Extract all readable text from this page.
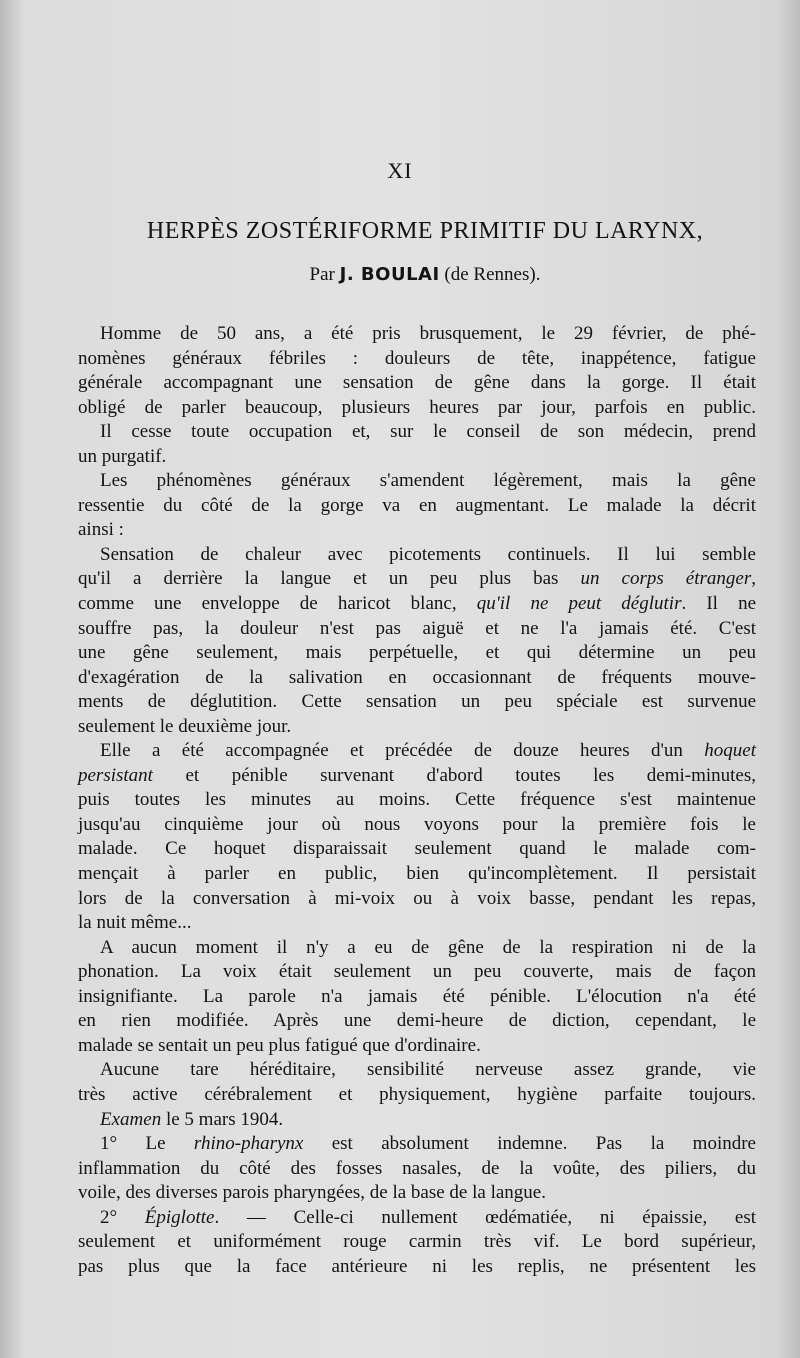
XI
HERPÈS ZOSTÉRIFORME PRIMITIF DU LARYNX,
Par J. BOULAI (de Rennes).
Homme de 50 ans, a été pris brusquement, le 29 février, de phé-
nomènes généraux fébriles : douleurs de tête, inappétence, fatigue
générale accompagnant une sensation de gêne dans la gorge. Il était
obligé de parler beaucoup, plusieurs heures par jour, parfois en public.
Il cesse toute occupation et, sur le conseil de son médecin, prend
un purgatif.
Les phénomènes généraux s'amendent légèrement, mais la gêne
ressentie du côté de la gorge va en augmentant. Le malade la décrit
ainsi :
Sensation de chaleur avec picotements continuels. Il lui semble
qu'il a derrière la langue et un peu plus bas un corps étranger,
comme une enveloppe de haricot blanc, qu'il ne peut déglutir. Il ne
souffre pas, la douleur n'est pas aiguë et ne l'a jamais été. C'est
une gêne seulement, mais perpétuelle, et qui détermine un peu
d'exagération de la salivation en occasionnant de fréquents mouve-
ments de déglutition. Cette sensation un peu spéciale est survenue
seulement le deuxième jour.
Elle a été accompagnée et précédée de douze heures d'un hoquet
persistant et pénible survenant d'abord toutes les demi-minutes,
puis toutes les minutes au moins. Cette fréquence s'est maintenue
jusqu'au cinquième jour où nous voyons pour la première fois le
malade. Ce hoquet disparaissait seulement quand le malade com-
mençait à parler en public, bien qu'incomplètement. Il persistait
lors de la conversation à mi-voix ou à voix basse, pendant les repas,
la nuit même...
A aucun moment il n'y a eu de gêne de la respiration ni de la
phonation. La voix était seulement un peu couverte, mais de façon
insignifiante. La parole n'a jamais été pénible. L'élocution n'a été
en rien modifiée. Après une demi-heure de diction, cependant, le
malade se sentait un peu plus fatigué que d'ordinaire.
Aucune tare héréditaire, sensibilité nerveuse assez grande, vie
très active cérébralement et physiquement, hygiène parfaite toujours.
Examen le 5 mars 1904.
1° Le rhino-pharynx est absolument indemne. Pas la moindre
inflammation du côté des fosses nasales, de la voûte, des piliers, du
voile, des diverses parois pharyngées, de la base de la langue.
2° Épiglotte. — Celle-ci nullement œdématiée, ni épaissie, est
seulement et uniformément rouge carmin très vif. Le bord supérieur,
pas plus que la face antérieure ni les replis, ne présentent les
